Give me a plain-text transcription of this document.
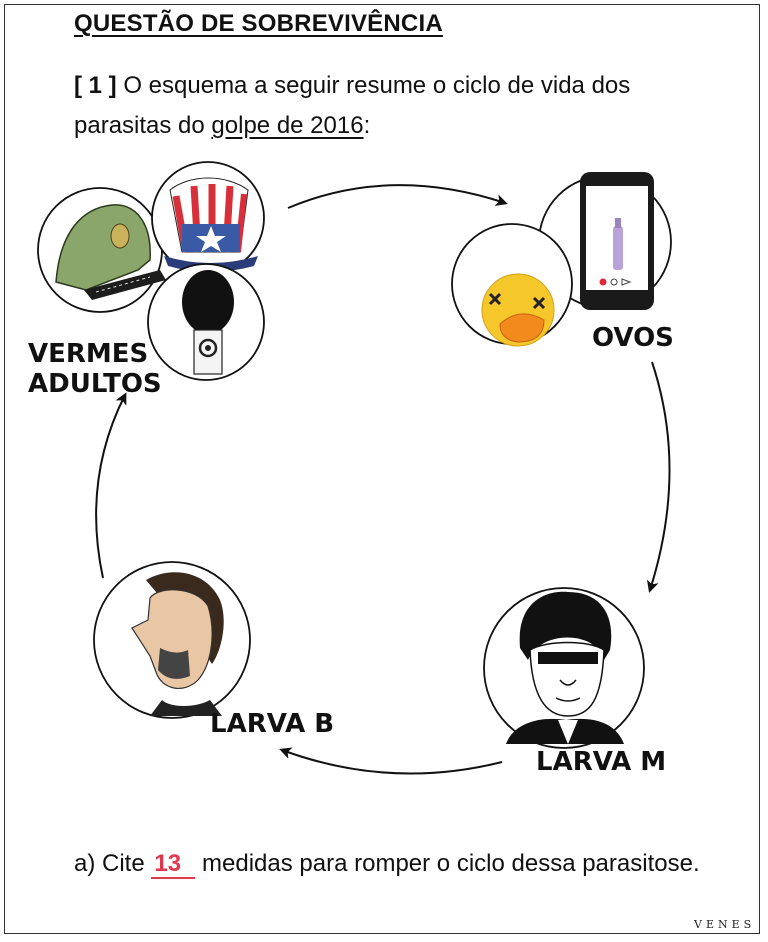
QUESTÃO DE SOBREVIVÊNCIA

[ 1 ] O esquema a seguir resume o ciclo de vida dos parasitas do golpe de 2016:

VERMES
ADULTOS
OVOS
LARVA M
LARVA B

a) Cite 13 medidas para romper o ciclo dessa parasitose.

VENES
